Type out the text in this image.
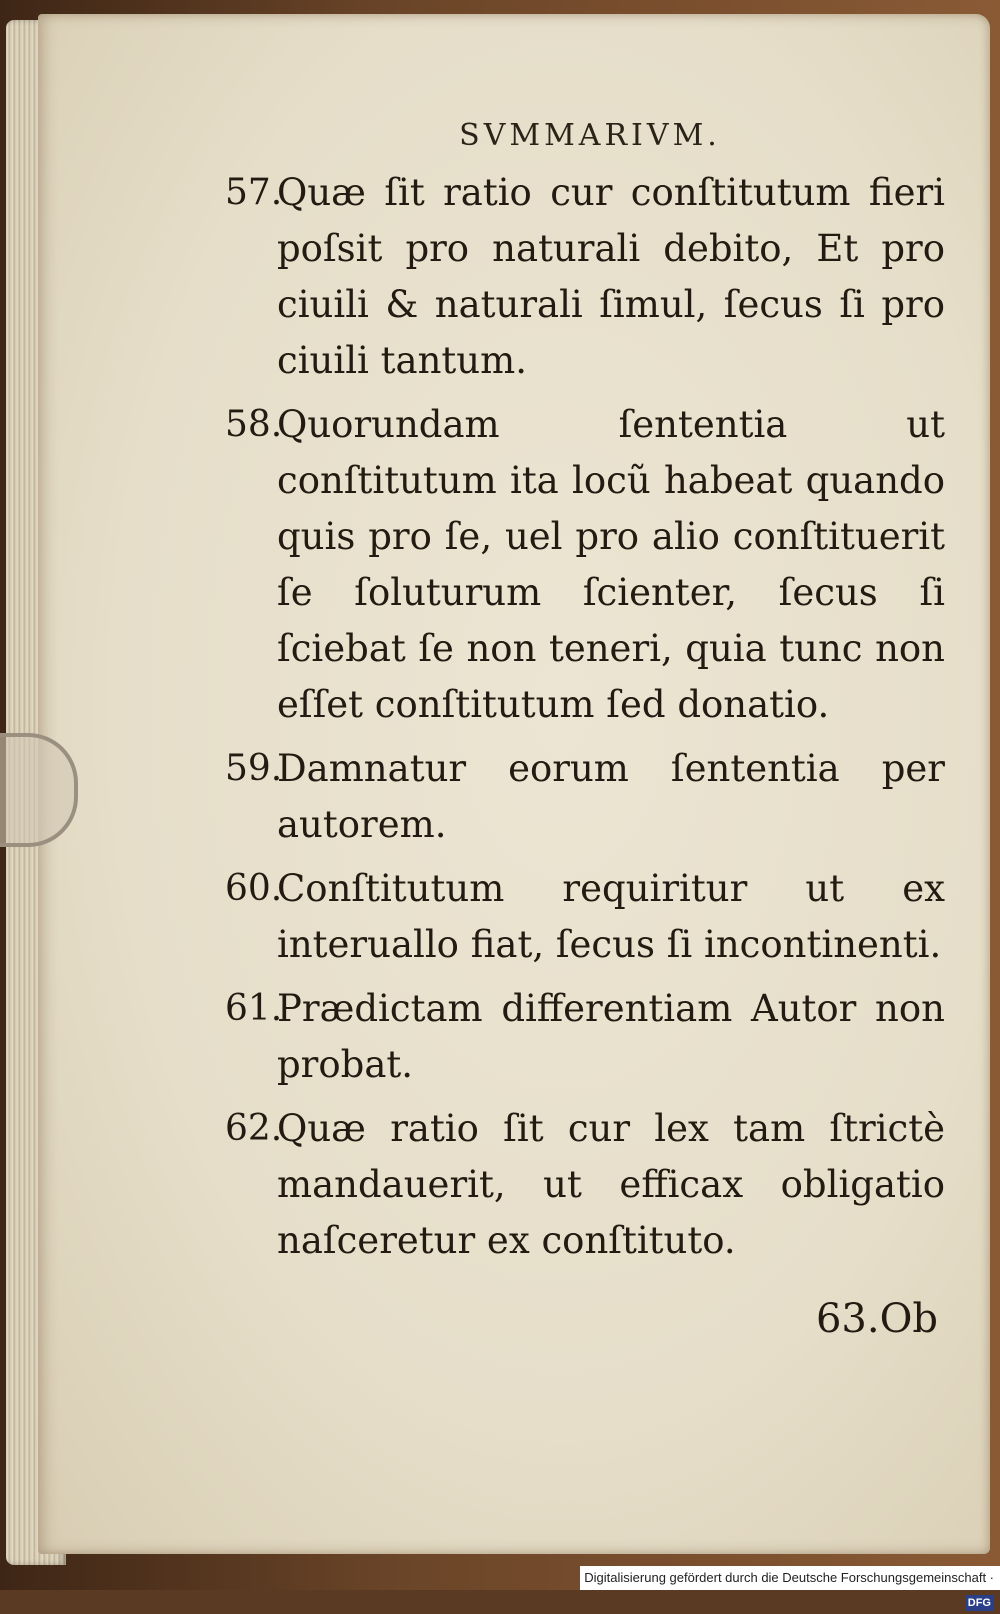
SVMMARIVM.
57.
Quæ ſit ratio cur conſtitutum fieri poſsit pro naturali debito, Et pro ciuili & naturali ſimul, ſecus ſi pro ciuili tantum.
58.
Quorundam ſententia ut conſtitutum ita locũ habeat quando quis pro ſe, uel pro alio conſtituerit ſe ſoluturum ſcienter, ſecus ſi ſciebat ſe non teneri, quia tunc non eſſet conſtitutum ſed donatio.
59.
Damnatur eorum ſententia per autorem.
60.
Conſtitutum requiritur ut ex interuallo fiat, ſecus ſi incontinenti.
61.
Prædictam differentiam Autor non probat.
62.
Quæ ratio ſit cur lex tam ſtrictè mandauerit, ut efficax obligatio naſceretur ex conſtituto.
63.Ob
Digitalisierung gefördert durch die Deutsche Forschungsgemeinschaft · DFG
